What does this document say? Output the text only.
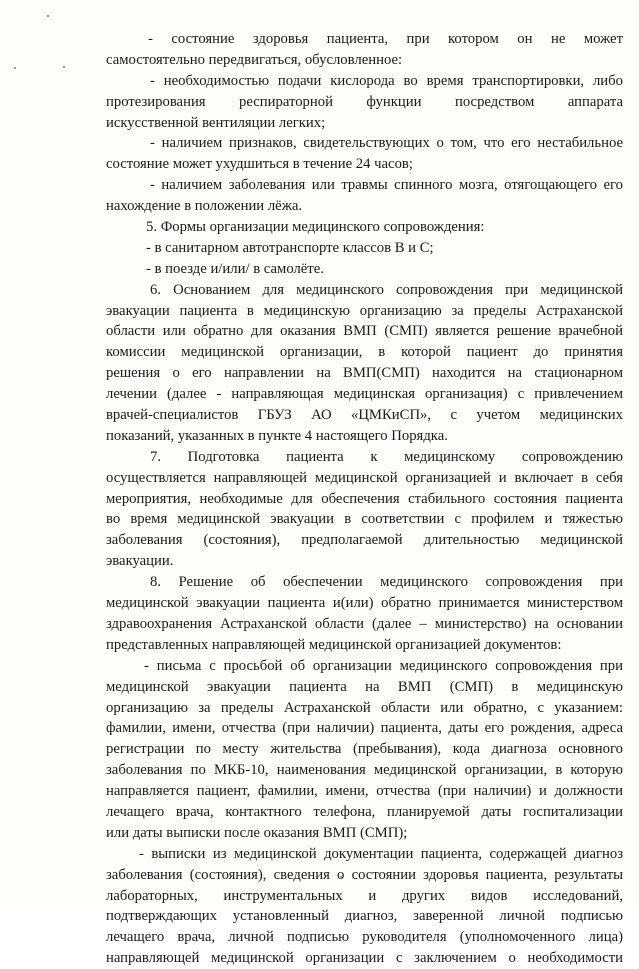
- состояние здоровья пациента, при котором он не может
самостоятельно передвигаться, обусловленное:
- необходимостью подачи кислорода во время транспортировки, либо
протезирования респираторной функции посредством аппарата
искусственной вентиляции легких;
- наличием признаков, свидетельствующих о том, что его нестабильное
состояние может ухудшиться в течение 24 часов;
- наличием заболевания или травмы спинного мозга, отягощающего его
нахождение в положении лёжа.
5. Формы организации медицинского сопровождения:
- в санитарном автотранспорте классов В и С;
- в поезде и/или/ в самолёте.
6. Основанием для медицинского сопровождения при медицинской
эвакуации пациента в медицинскую организацию за пределы Астраханской
области или обратно для оказания ВМП (СМП) является решение врачебной
комиссии медицинской организации, в которой пациент до принятия
решения о его направлении на ВМП(СМП) находится на стационарном
лечении (далее - направляющая медицинская организация) с привлечением
врачей-специалистов ГБУЗ АО «ЦМКиСП», с учетом медицинских
показаний, указанных в пункте 4 настоящего Порядка.
7. Подготовка пациента к медицинскому сопровождению
осуществляется направляющей медицинской организацией и включает в себя
мероприятия, необходимые для обеспечения стабильного состояния пациента
во время медицинской эвакуации в соответствии с профилем и тяжестью
заболевания (состояния), предполагаемой длительностью медицинской
эвакуации.
8. Решение об обеспечении медицинского сопровождения при
медицинской эвакуации пациента и(или) обратно принимается министерством
здравоохранения Астраханской области (далее – министерство) на основании
представленных направляющей медицинской организацией документов:
- письма с просьбой об организации медицинского сопровождения при
медицинской эвакуации пациента на ВМП (СМП) в медицинскую
организацию за пределы Астраханской области или обратно, с указанием:
фамилии, имени, отчества (при наличии) пациента, даты его рождения, адреса
регистрации по месту жительства (пребывания), кода диагноза основного
заболевания по МКБ-10, наименования медицинской организации, в которую
направляется пациент, фамилии, имени, отчества (при наличии) и должности
лечащего врача, контактного телефона, планируемой даты госпитализации
или даты выписки после оказания ВМП (СМП);
- выписки из медицинской документации пациента, содержащей диагноз
заболевания (состояния), сведения о состоянии здоровья пациента, результаты
лабораторных, инструментальных и других видов исследований,
подтверждающих установленный диагноз, заверенной личной подписью
лечащего врача, личной подписью руководителя (уполномоченного лица)
направляющей медицинской организации с заключением о необходимости
